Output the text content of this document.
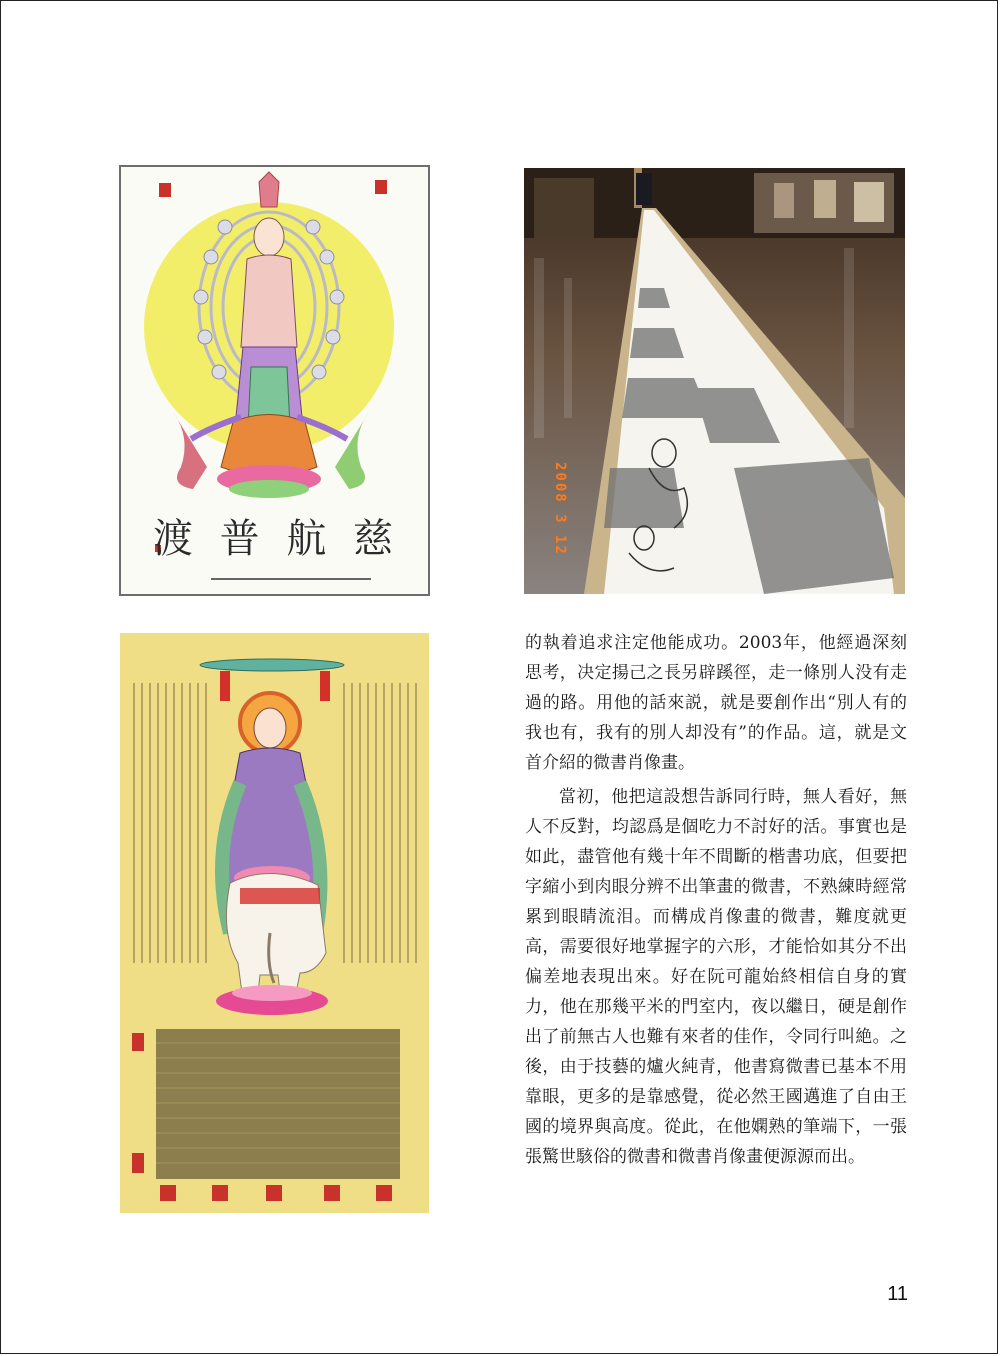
渡 普 航 慈	2008 3 12

的執着追求注定他能成功。2003年，他經過深刻思考，决定揚己之長另辟蹊徑，走一條別人没有走過的路。用他的話來説，就是要創作出“別人有的我也有，我有的別人却没有”的作品。這，就是文首介紹的微書肖像畫。

當初，他把這設想告訴同行時，無人看好，無人不反對，均認爲是個吃力不討好的活。事實也是如此，盡管他有幾十年不間斷的楷書功底，但要把字縮小到肉眼分辨不出筆畫的微書，不熟練時經常累到眼睛流泪。而構成肖像畫的微書，難度就更高，需要很好地掌握字的六形，才能恰如其分不出偏差地表現出來。好在阮可龍始終相信自身的實力，他在那幾平米的門室内，夜以繼日，硬是創作出了前無古人也難有來者的佳作，令同行叫絶。之後，由于技藝的爐火純青，他書寫微書已基本不用靠眼，更多的是靠感覺，從必然王國邁進了自由王國的境界與高度。從此，在他嫻熟的筆端下，一張張驚世駭俗的微書和微書肖像畫便源源而出。

11
